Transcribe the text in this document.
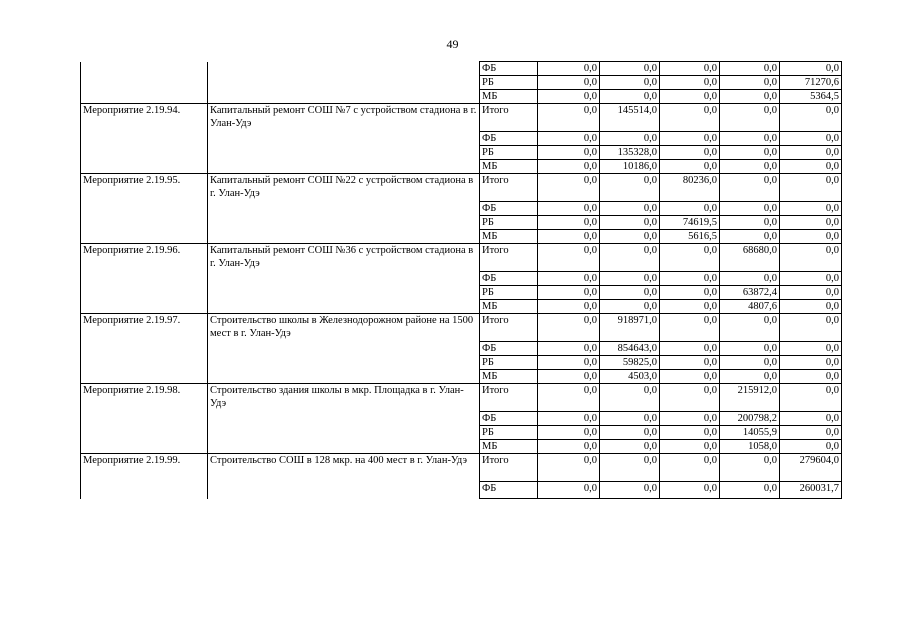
49
		ФБ	0,0	0,0	0,0	0,0	0,0
		РБ	0,0	0,0	0,0	0,0	71270,6
		МБ	0,0	0,0	0,0	0,0	5364,5
Мероприятие 2.19.94.	Капитальный ремонт СОШ №7 с устройством стадиона в г. Улан-Удэ	Итого	0,0	145514,0	0,0	0,0	0,0
		ФБ	0,0	0,0	0,0	0,0	0,0
		РБ	0,0	135328,0	0,0	0,0	0,0
		МБ	0,0	10186,0	0,0	0,0	0,0
Мероприятие 2.19.95.	Капитальный ремонт СОШ №22 с устройством стадиона в г. Улан-Удэ	Итого	0,0	0,0	80236,0	0,0	0,0
		ФБ	0,0	0,0	0,0	0,0	0,0
		РБ	0,0	0,0	74619,5	0,0	0,0
		МБ	0,0	0,0	5616,5	0,0	0,0
Мероприятие 2.19.96.	Капитальный ремонт СОШ №36 с устройством стадиона в г. Улан-Удэ	Итого	0,0	0,0	0,0	68680,0	0,0
		ФБ	0,0	0,0	0,0	0,0	0,0
		РБ	0,0	0,0	0,0	63872,4	0,0
		МБ	0,0	0,0	0,0	4807,6	0,0
Мероприятие 2.19.97.	Строительство школы в Железнодорожном районе на 1500 мест в г. Улан-Удэ	Итого	0,0	918971,0	0,0	0,0	0,0
		ФБ	0,0	854643,0	0,0	0,0	0,0
		РБ	0,0	59825,0	0,0	0,0	0,0
		МБ	0,0	4503,0	0,0	0,0	0,0
Мероприятие 2.19.98.	Строительство здания школы в мкр. Площадка в г. Улан-Удэ	Итого	0,0	0,0	0,0	215912,0	0,0
		ФБ	0,0	0,0	0,0	200798,2	0,0
		РБ	0,0	0,0	0,0	14055,9	0,0
		МБ	0,0	0,0	0,0	1058,0	0,0
Мероприятие 2.19.99.	Строительство СОШ в 128 мкр. на 400 мест в г. Улан-Удэ	Итого	0,0	0,0	0,0	0,0	279604,0
		ФБ	0,0	0,0	0,0	0,0	260031,7
